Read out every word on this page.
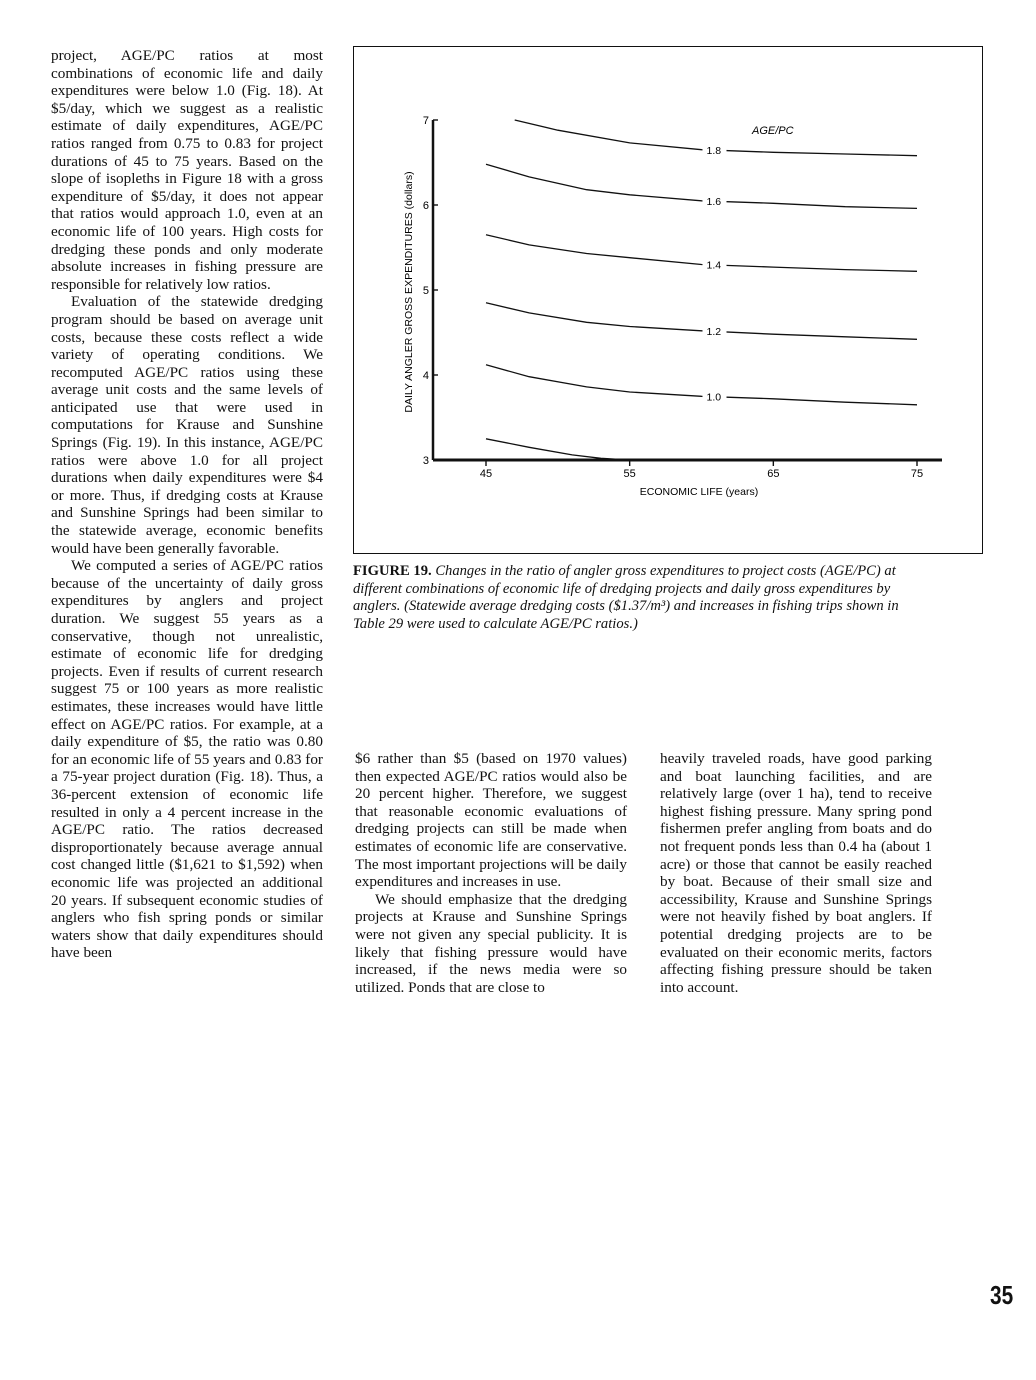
project, AGE/PC ratios at most combinations of economic life and daily expenditures were below 1.0 (Fig. 18). At $5/day, which we suggest as a realistic estimate of daily expenditures, AGE/PC ratios ranged from 0.75 to 0.83 for project durations of 45 to 75 years. Based on the slope of isopleths in Figure 18 with a gross expenditure of $5/day, it does not appear that ratios would approach 1.0, even at an economic life of 100 years. High costs for dredging these ponds and only moderate absolute increases in fishing pressure are responsible for relatively low ratios.

Evaluation of the statewide dredging program should be based on average unit costs, because these costs reflect a wide variety of operating conditions. We recomputed AGE/PC ratios using these average unit costs and the same levels of anticipated use that were used in computations for Krause and Sunshine Springs (Fig. 19). In this instance, AGE/PC ratios were above 1.0 for all project durations when daily expenditures were $4 or more. Thus, if dredging costs at Krause and Sunshine Springs had been similar to the statewide average, economic benefits would have been generally favorable.

We computed a series of AGE/PC ratios because of the uncertainty of daily gross expenditures by anglers and project duration. We suggest 55 years as a conservative, though not unrealistic, estimate of economic life for dredging projects. Even if results of current research suggest 75 or 100 years as more realistic estimates, these increases would have little effect on AGE/PC ratios. For example, at a daily expenditure of $5, the ratio was 0.80 for an economic life of 55 years and 0.83 for a 75-year project duration (Fig. 18). Thus, a 36-percent extension of economic life resulted in only a 4 percent increase in the AGE/PC ratio. The ratios decreased disproportionately because average annual cost changed little ($1,621 to $1,592) when economic life was projected an additional 20 years. If subsequent economic studies of anglers who fish spring ponds or similar waters show that daily expenditures should have been

3
4
5
6
7
45	55	65	75
1.8
1.6
1.4
1.2
1.0
AGE/PC
ECONOMIC LIFE (years)
DAILY ANGLER GROSS EXPENDITURES (dollars)
FIGURE 19. Changes in the ratio of angler gross expenditures to project costs (AGE/PC) at different combinations of economic life of dredging projects and daily gross expenditures by anglers. (Statewide average dredging costs ($1.37/m³) and increases in fishing trips shown in Table 29 were used to calculate AGE/PC ratios.)

$6 rather than $5 (based on 1970 values) then expected AGE/PC ratios would also be 20 percent higher. Therefore, we suggest that reasonable economic evaluations of dredging projects can still be made when estimates of economic life are conservative. The most important projections will be daily expenditures and increases in use.

We should emphasize that the dredging projects at Krause and Sunshine Springs were not given any special publicity. It is likely that fishing pressure would have increased, if the news media were so utilized. Ponds that are close to

heavily traveled roads, have good parking and boat launching facilities, and are relatively large (over 1 ha), tend to receive highest fishing pressure. Many spring pond fishermen prefer angling from boats and do not frequent ponds less than 0.4 ha (about 1 acre) or those that cannot be easily reached by boat. Because of their small size and accessibility, Krause and Sunshine Springs were not heavily fished by boat anglers. If potential dredging projects are to be evaluated on their economic merits, factors affecting fishing pressure should be taken into account.

35
